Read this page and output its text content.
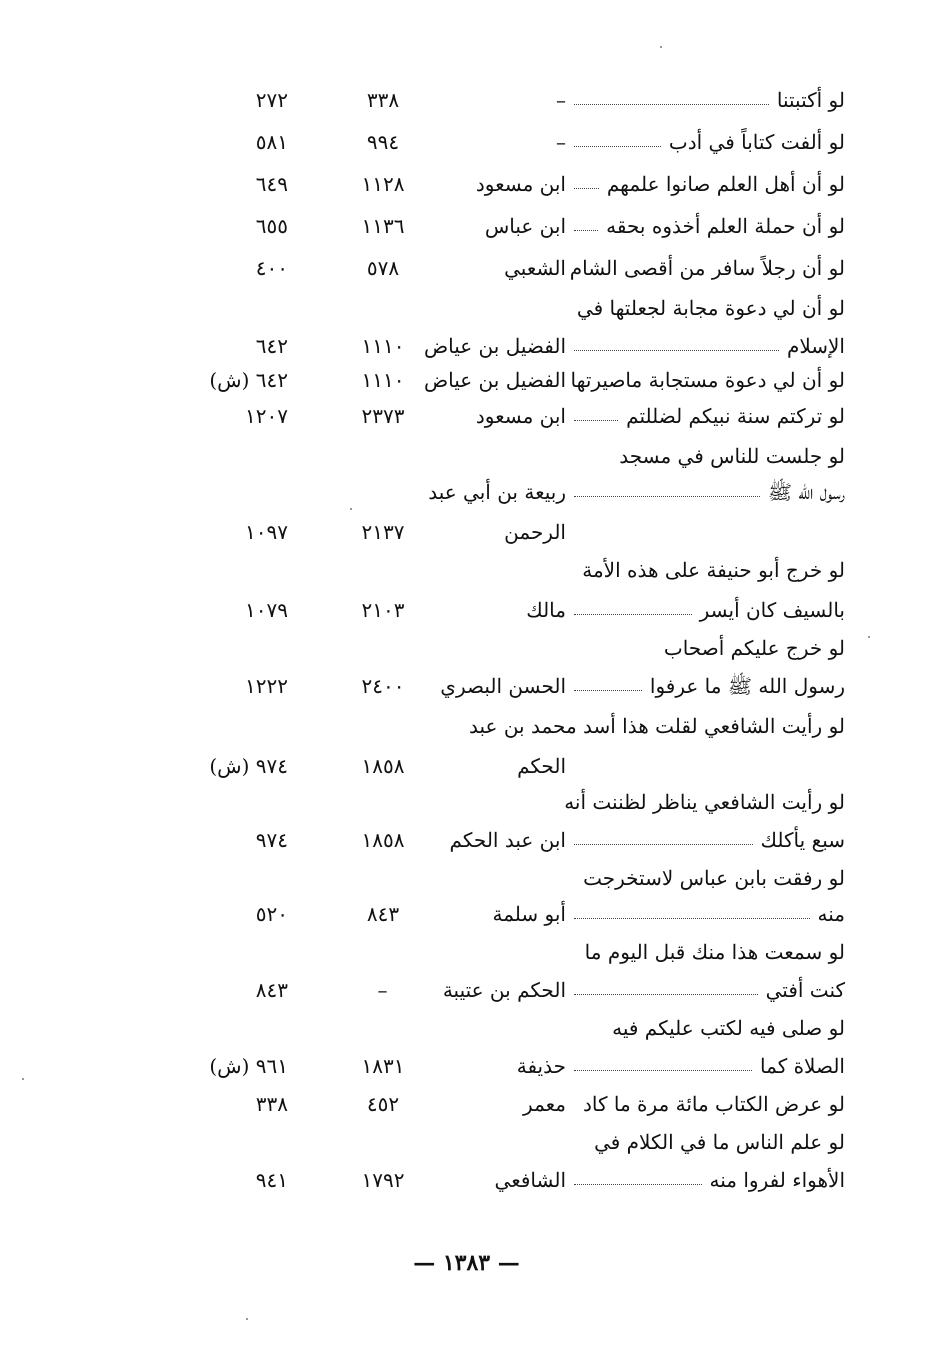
لو أكتبتنا
–
٣٣٨
٢٧٢
لو ألفت كتاباً في أدب
–
٩٩٤
٥٨١
لو أن أهل العلم صانوا علمهم
ابن مسعود
١١٢٨
٦٤٩
لو أن حملة العلم أخذوه بحقه
ابن عباس
١١٣٦
٦٥٥
لو أن رجلاً سافر من أقصى الشام
الشعبي
٥٧٨
٤٠٠
لو أن لي دعوة مجابة لجعلتها في
الإسلام
الفضيل بن عياض
١١١٠
٦٤٢
لو أن لي دعوة مستجابة ماصيرتها
الفضيل بن عياض
١١١٠
٦٤٢ (ش)
لو تركتم سنة نبيكم لضللتم
ابن مسعود
٢٣٧٣
١٢٠٧
لو جلست للناس في مسجد
رسول الله ﷺ
ربيعة بن أبي عبد
الرحمن
٢١٣٧
١٠٩٧
لو خرج أبو حنيفة على هذه الأمة
بالسيف كان أيسر
مالك
٢١٠٣
١٠٧٩
لو خرج عليكم أصحاب
رسول الله ﷺ ما عرفوا
الحسن البصري
٢٤٠٠
١٢٢٢
لو رأيت الشافعي لقلت هذا أسد محمد بن عبد
الحكم
١٨٥٨
٩٧٤ (ش)
لو رأيت الشافعي يناظر لظننت أنه
سبع يأكلك
ابن عبد الحكم
١٨٥٨
٩٧٤
لو رفقت بابن عباس لاستخرجت
منه
أبو سلمة
٨٤٣
٥٢٠
لو سمعت هذا منك قبل اليوم ما
كنت أفتي
الحكم بن عتيبة
–
٨٤٣
لو صلى فيه لكتب عليكم فيه
الصلاة كما
حذيفة
١٨٣١
٩٦١ (ش)
لو عرض الكتاب مائة مرة ما كاد
معمر
٤٥٢
٣٣٨
لو علم الناس ما في الكلام في
الأهواء لفروا منه
الشافعي
١٧٩٢
٩٤١
— ١٣٨٣ —
